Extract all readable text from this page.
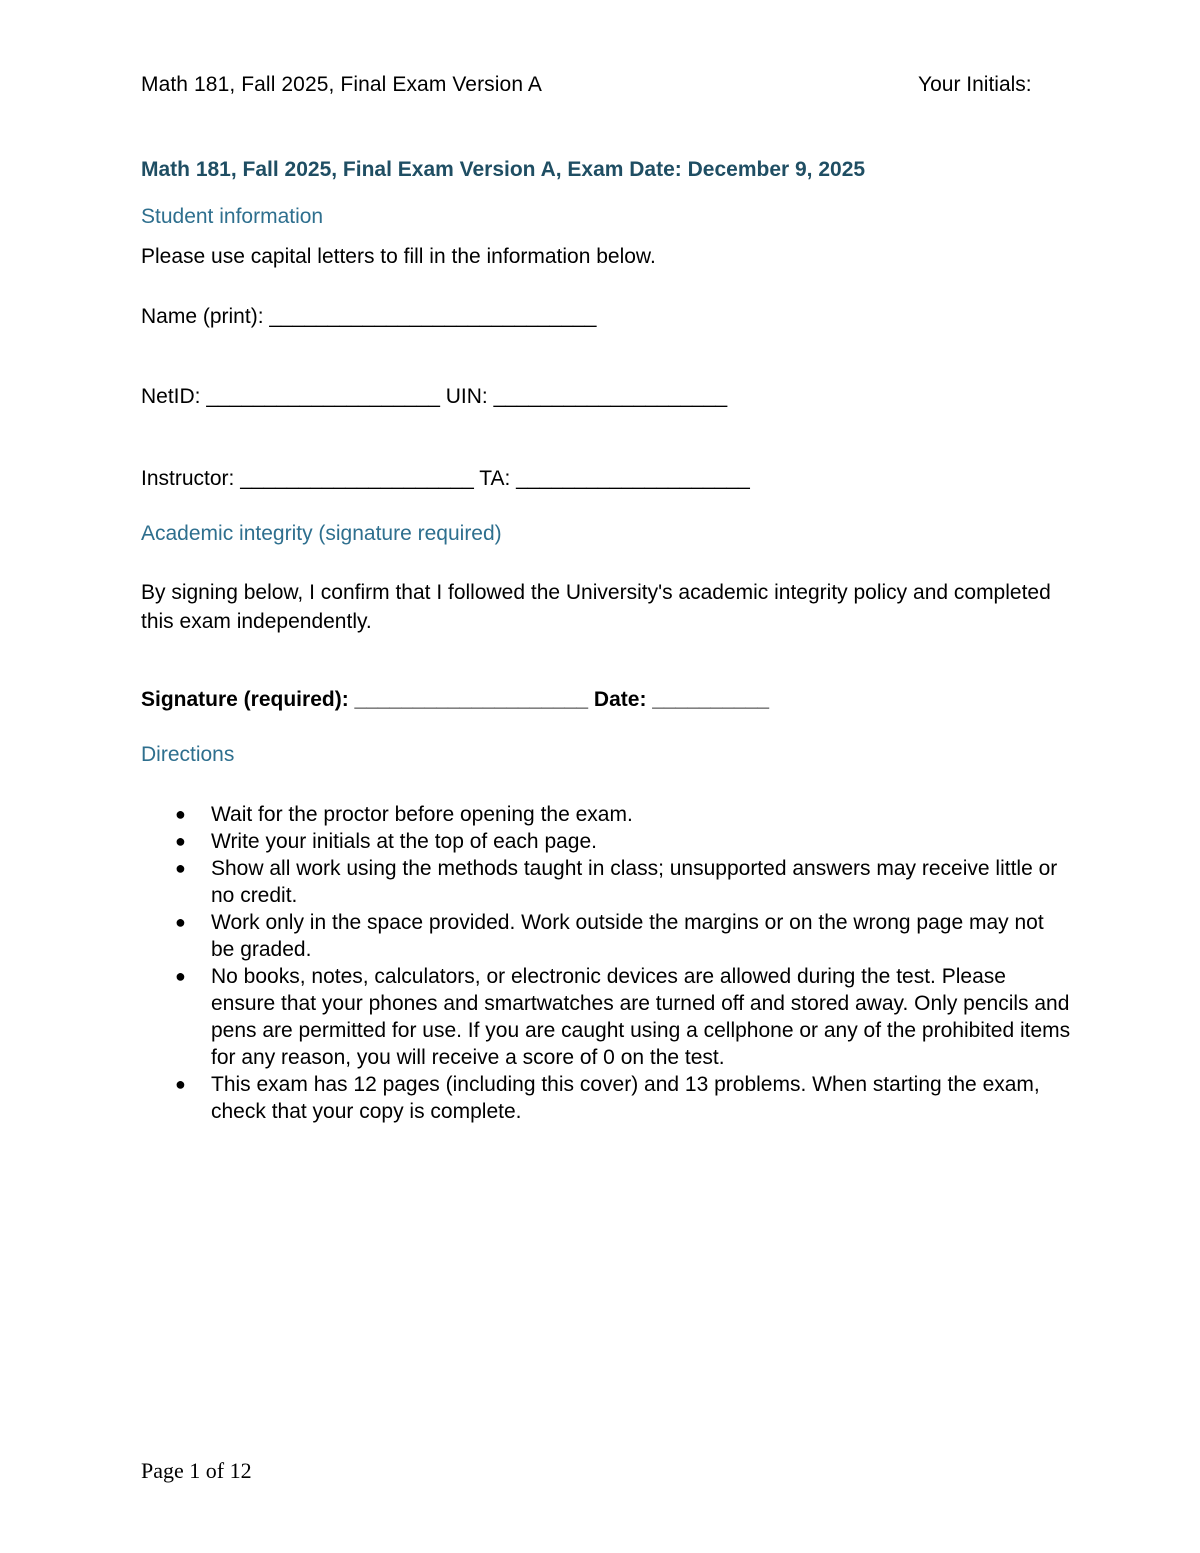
Math 181, Fall 2025, Final Exam Version A	Your Initials:
Math 181, Fall 2025, Final Exam Version A, Exam Date: December 9, 2025
Student information
Please use capital letters to fill in the information below.
Name (print): ____________________________
NetID: ____________________ UIN: ____________________
Instructor: ____________________ TA: ____________________
Academic integrity (signature required)
By signing below, I confirm that I followed the University's academic integrity policy and completed this exam independently.
Signature (required): ____________________ Date: __________
Directions
● Wait for the proctor before opening the exam.
● Write your initials at the top of each page.
● Show all work using the methods taught in class; unsupported answers may receive little or no credit.
● Work only in the space provided. Work outside the margins or on the wrong page may not be graded.
● No books, notes, calculators, or electronic devices are allowed during the test. Please ensure that your phones and smartwatches are turned off and stored away. Only pencils and pens are permitted for use. If you are caught using a cellphone or any of the prohibited items for any reason, you will receive a score of 0 on the test.
● This exam has 12 pages (including this cover) and 13 problems. When starting the exam, check that your copy is complete.
Page 1 of 12
